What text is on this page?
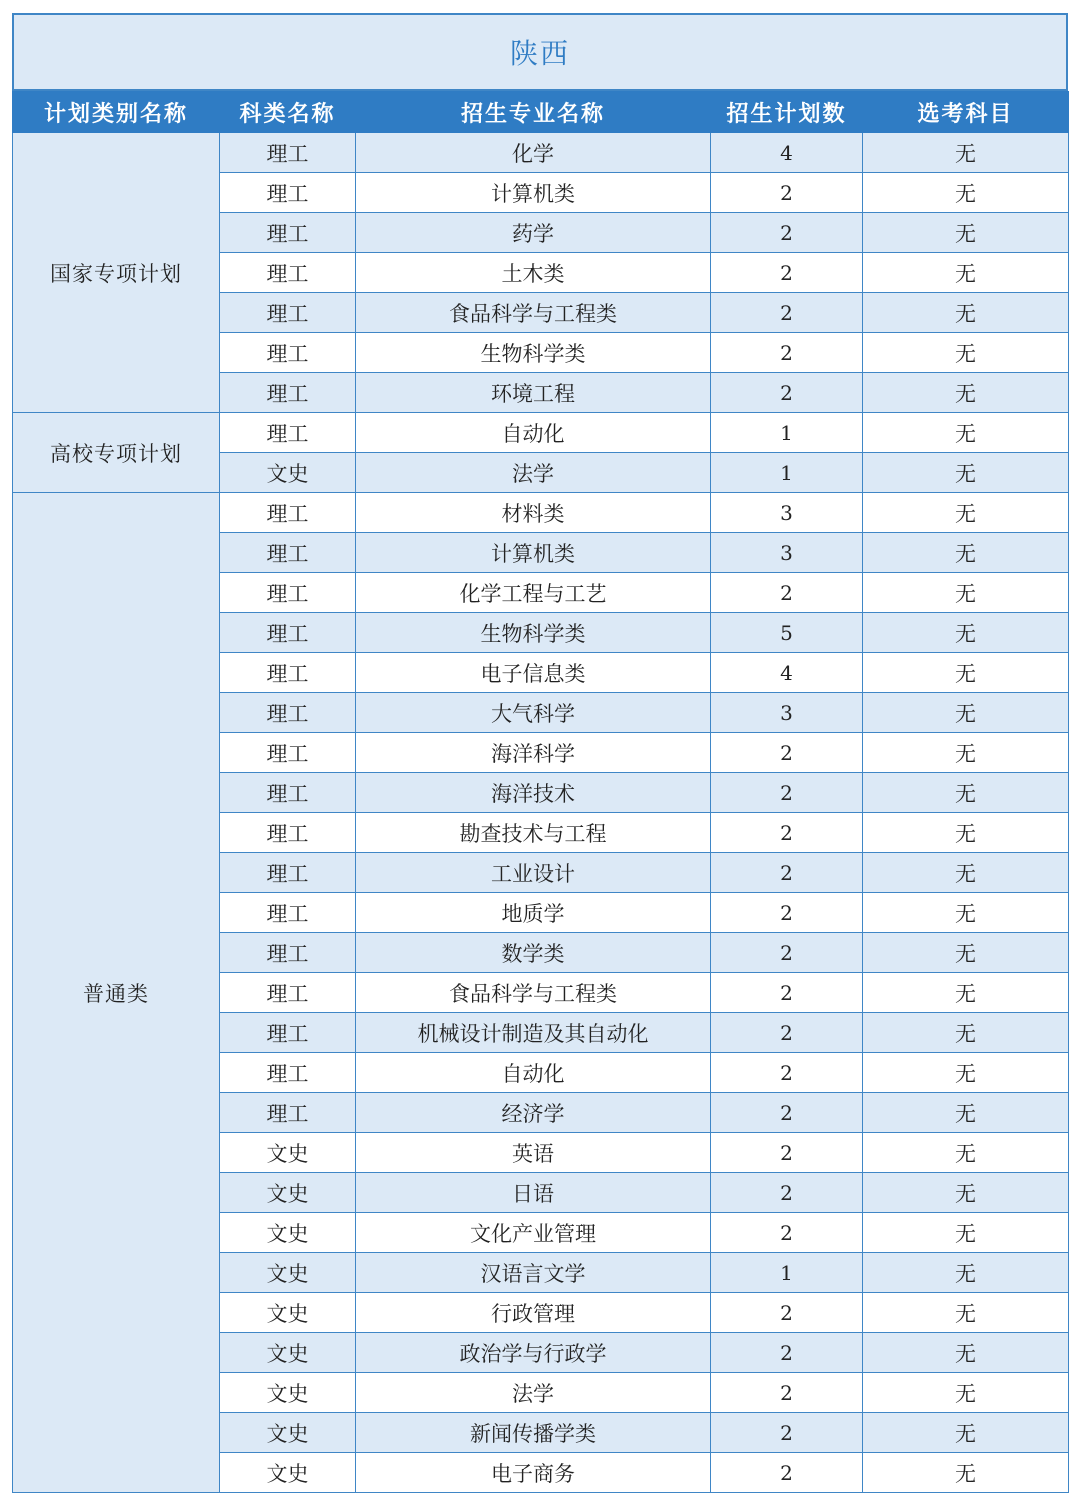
陕西
计划类别名称	科类名称	招生专业名称	招生计划数	选考科目
国家专项计划	理工	化学	4	无
	理工	计算机类	2	无
	理工	药学	2	无
	理工	土木类	2	无
	理工	食品科学与工程类	2	无
	理工	生物科学类	2	无
	理工	环境工程	2	无
高校专项计划	理工	自动化	1	无
	文史	法学	1	无
普通类	理工	材料类	3	无
	理工	计算机类	3	无
	理工	化学工程与工艺	2	无
	理工	生物科学类	5	无
	理工	电子信息类	4	无
	理工	大气科学	3	无
	理工	海洋科学	2	无
	理工	海洋技术	2	无
	理工	勘查技术与工程	2	无
	理工	工业设计	2	无
	理工	地质学	2	无
	理工	数学类	2	无
	理工	食品科学与工程类	2	无
	理工	机械设计制造及其自动化	2	无
	理工	自动化	2	无
	理工	经济学	2	无
	文史	英语	2	无
	文史	日语	2	无
	文史	文化产业管理	2	无
	文史	汉语言文学	1	无
	文史	行政管理	2	无
	文史	政治学与行政学	2	无
	文史	法学	2	无
	文史	新闻传播学类	2	无
	文史	电子商务	2	无
